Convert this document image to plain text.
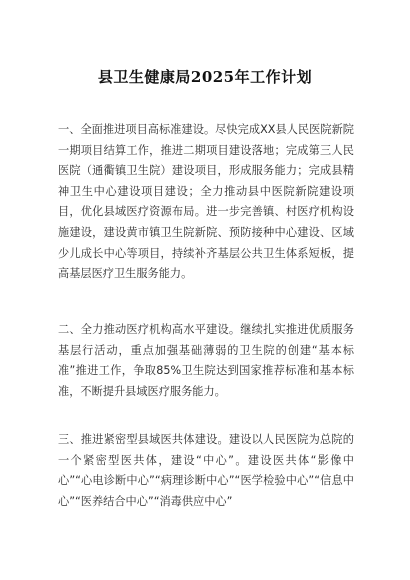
县卫生健康局2025年工作计划
一、全面推进项目高标准建设。尽快完成XX县人民医院新院一期项目结算工作，推进二期项目建设落地；完成第三人民医院（通衢镇卫生院）建设项目，形成服务能力；完成县精神卫生中心建设项目建设；全力推动县中医院新院建设项目，优化县域医疗资源布局。进一步完善镇、村医疗机构设施建设，建设黄市镇卫生院新院、预防接种中心建设、区域少儿成长中心等项目，持续补齐基层公共卫生体系短板，提高基层医疗卫生服务能力。
二、全力推动医疗机构高水平建设。继续扎实推进优质服务基层行活动，重点加强基础薄弱的卫生院的创建“基本标准”推进工作，争取85%卫生院达到国家推荐标准和基本标准，不断提升县域医疗服务能力。
三、推进紧密型县域医共体建设。建设以人民医院为总院的一个紧密型医共体，建设“中心”。建设医共体“影像中心”“心电诊断中心”“病理诊断中心”“医学检验中心”“信息中心”“医养结合中心”“消毒供应中心”
